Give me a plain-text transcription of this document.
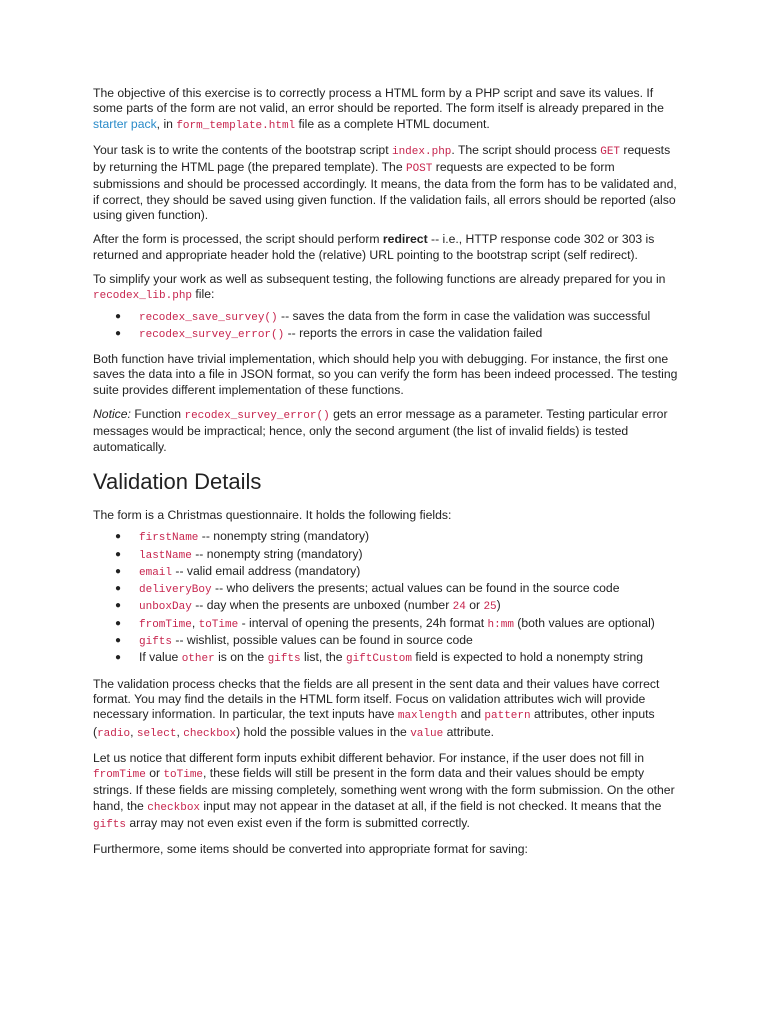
The objective of this exercise is to correctly process a HTML form by a PHP script and save its values. If some parts of the form are not valid, an error should be reported. The form itself is already prepared in the starter pack, in form_template.html file as a complete HTML document.

Your task is to write the contents of the bootstrap script index.php. The script should process GET requests by returning the HTML page (the prepared template). The POST requests are expected to be form submissions and should be processed accordingly. It means, the data from the form has to be validated and, if correct, they should be saved using given function. If the validation fails, all errors should be reported (also using given function).

After the form is processed, the script should perform redirect -- i.e., HTTP response code 302 or 303 is returned and appropriate header hold the (relative) URL pointing to the bootstrap script (self redirect).

To simplify your work as well as subsequent testing, the following functions are already prepared for you in recodex_lib.php file:

● recodex_save_survey() -- saves the data from the form in case the validation was successful
● recodex_survey_error() -- reports the errors in case the validation failed

Both function have trivial implementation, which should help you with debugging. For instance, the first one saves the data into a file in JSON format, so you can verify the form has been indeed processed. The testing suite provides different implementation of these functions.

Notice: Function recodex_survey_error() gets an error message as a parameter. Testing particular error messages would be impractical; hence, only the second argument (the list of invalid fields) is tested automatically.

Validation Details

The form is a Christmas questionnaire. It holds the following fields:

● firstName -- nonempty string (mandatory)
● lastName -- nonempty string (mandatory)
● email -- valid email address (mandatory)
● deliveryBoy -- who delivers the presents; actual values can be found in the source code
● unboxDay -- day when the presents are unboxed (number 24 or 25)
● fromTime, toTime - interval of opening the presents, 24h format h:mm (both values are optional)
● gifts -- wishlist, possible values can be found in source code
● If value other is on the gifts list, the giftCustom field is expected to hold a nonempty string

The validation process checks that the fields are all present in the sent data and their values have correct format. You may find the details in the HTML form itself. Focus on validation attributes wich will provide necessary information. In particular, the text inputs have maxlength and pattern attributes, other inputs (radio, select, checkbox) hold the possible values in the value attribute.

Let us notice that different form inputs exhibit different behavior. For instance, if the user does not fill in fromTime or toTime, these fields will still be present in the form data and their values should be empty strings. If these fields are missing completely, something went wrong with the form submission. On the other hand, the checkbox input may not appear in the dataset at all, if the field is not checked. It means that the gifts array may not even exist even if the form is submitted correctly.

Furthermore, some items should be converted into appropriate format for saving:
